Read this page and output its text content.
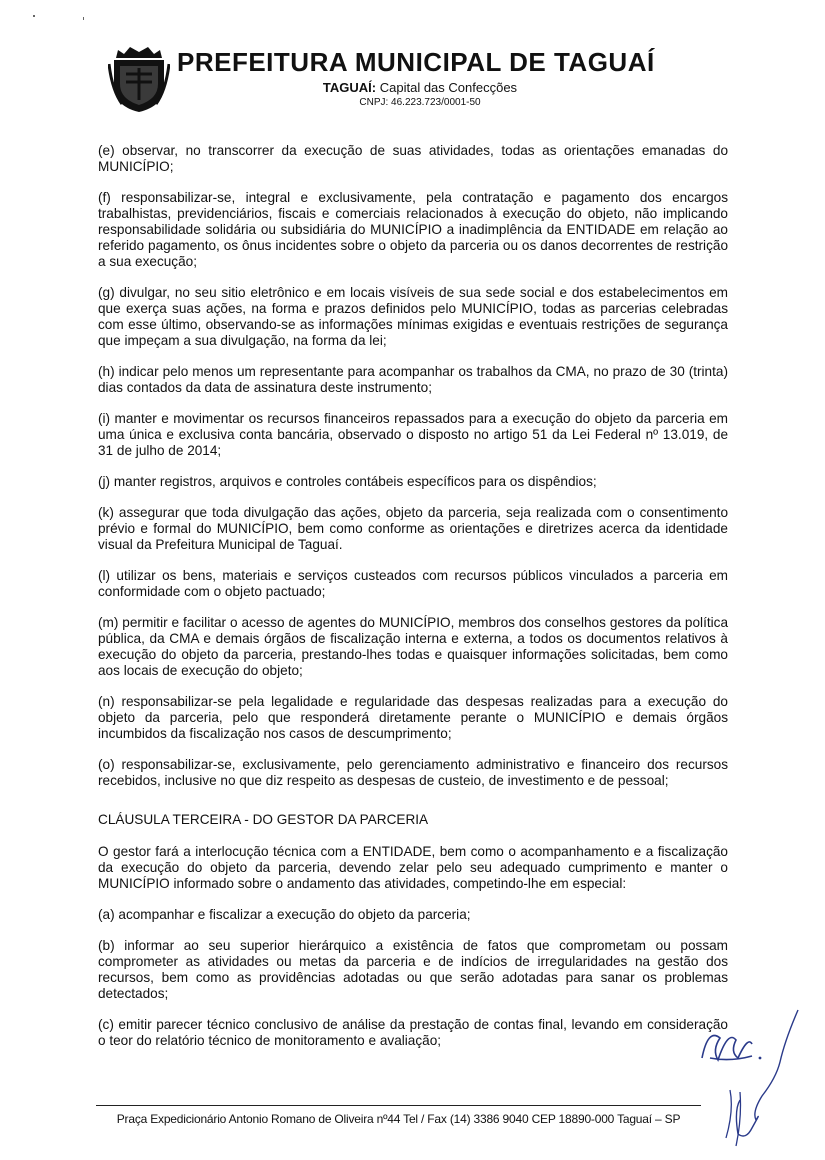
PREFEITURA MUNICIPAL DE TAGUAÍ
TAGUAÍ: Capital das Confecções
CNPJ: 46.223.723/0001-50

(e) observar, no transcorrer da execução de suas atividades, todas as orientações emanadas do MUNICÍPIO;

(f) responsabilizar-se, integral e exclusivamente, pela contratação e pagamento dos encargos trabalhistas, previdenciários, fiscais e comerciais relacionados à execução do objeto, não implicando responsabilidade solidária ou subsidiária do MUNICÍPIO a inadimplência da ENTIDADE em relação ao referido pagamento, os ônus incidentes sobre o objeto da parceria ou os danos decorrentes de restrição a sua execução;

(g) divulgar, no seu sitio eletrônico e em locais visíveis de sua sede social e dos estabelecimentos em que exerça suas ações, na forma e prazos definidos pelo MUNICÍPIO, todas as parcerias celebradas com esse último, observando-se as informações mínimas exigidas e eventuais restrições de segurança que impeçam a sua divulgação, na forma da lei;

(h) indicar pelo menos um representante para acompanhar os trabalhos da CMA, no prazo de 30 (trinta) dias contados da data de assinatura deste instrumento;

(i) manter e movimentar os recursos financeiros repassados para a execução do objeto da parceria em uma única e exclusiva conta bancária, observado o disposto no artigo 51 da Lei Federal nº 13.019, de 31 de julho de 2014;

(j) manter registros, arquivos e controles contábeis específicos para os dispêndios;

(k) assegurar que toda divulgação das ações, objeto da parceria, seja realizada com o consentimento prévio e formal do MUNICÍPIO, bem como conforme as orientações e diretrizes acerca da identidade visual da Prefeitura Municipal de Taguaí.

(l) utilizar os bens, materiais e serviços custeados com recursos públicos vinculados a parceria em conformidade com o objeto pactuado;

(m) permitir e facilitar o acesso de agentes do MUNICÍPIO, membros dos conselhos gestores da política pública, da CMA e demais órgãos de fiscalização interna e externa, a todos os documentos relativos à execução do objeto da parceria, prestando-lhes todas e quaisquer informações solicitadas, bem como aos locais de execução do objeto;

(n) responsabilizar-se pela legalidade e regularidade das despesas realizadas para a execução do objeto da parceria, pelo que responderá diretamente perante o MUNICÍPIO e demais órgãos incumbidos da fiscalização nos casos de descumprimento;

(o) responsabilizar-se, exclusivamente, pelo gerenciamento administrativo e financeiro dos recursos recebidos, inclusive no que diz respeito as despesas de custeio, de investimento e de pessoal;

CLÁUSULA TERCEIRA - DO GESTOR DA PARCERIA

O gestor fará a interlocução técnica com a ENTIDADE, bem como o acompanhamento e a fiscalização da execução do objeto da parceria, devendo zelar pelo seu adequado cumprimento e manter o MUNICÍPIO informado sobre o andamento das atividades, competindo-lhe em especial:

(a) acompanhar e fiscalizar a execução do objeto da parceria;

(b) informar ao seu superior hierárquico a existência de fatos que comprometam ou possam comprometer as atividades ou metas da parceria e de indícios de irregularidades na gestão dos recursos, bem como as providências adotadas ou que serão adotadas para sanar os problemas detectados;

(c) emitir parecer técnico conclusivo de análise da prestação de contas final, levando em consideração o teor do relatório técnico de monitoramento e avaliação;

Praça Expedicionário Antonio Romano de Oliveira nº44 Tel / Fax (14) 3386 9040 CEP 18890-000 Taguaí – SP
